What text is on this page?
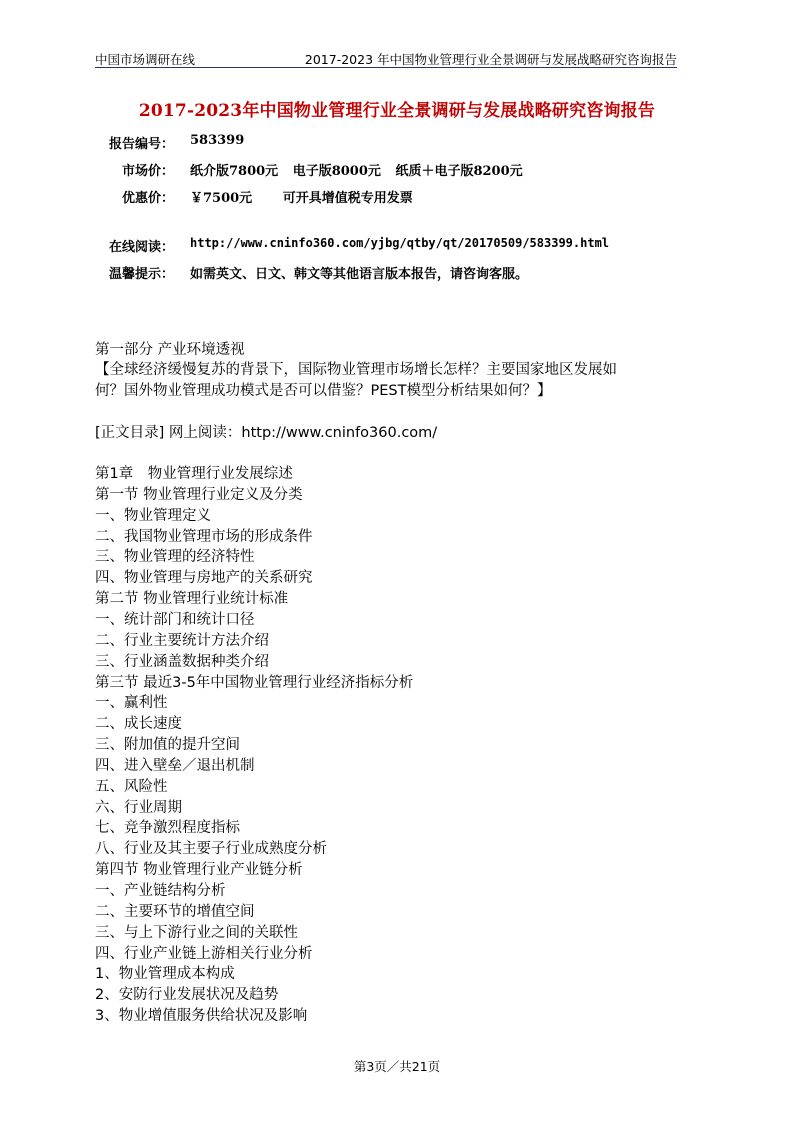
中国市场调研在线	2017-2023 年中国物业管理行业全景调研与发展战略研究咨询报告
2017-2023年中国物业管理行业全景调研与发展战略研究咨询报告
报告编号： 583399
市场价： 纸介版7800元 电子版8000元 纸质＋电子版8200元
优惠价： ￥7500元 可开具增值税专用发票
在线阅读： http://www.cninfo360.com/yjbg/qtby/qt/20170509/583399.html
温馨提示： 如需英文、日文、韩文等其他语言版本报告，请咨询客服。
第一部分 产业环境透视
【全球经济缓慢复苏的背景下，国际物业管理市场增长怎样？主要国家地区发展如
何？国外物业管理成功模式是否可以借鉴？PEST模型分析结果如何？】
[正文目录] 网上阅读：http://www.cninfo360.com/
第1章　物业管理行业发展综述
第一节 物业管理行业定义及分类
一、物业管理定义
二、我国物业管理市场的形成条件
三、物业管理的经济特性
四、物业管理与房地产的关系研究
第二节 物业管理行业统计标准
一、统计部门和统计口径
二、行业主要统计方法介绍
三、行业涵盖数据种类介绍
第三节 最近3-5年中国物业管理行业经济指标分析
一、赢利性
二、成长速度
三、附加值的提升空间
四、进入壁垒／退出机制
五、风险性
六、行业周期
七、竞争激烈程度指标
八、行业及其主要子行业成熟度分析
第四节 物业管理行业产业链分析
一、产业链结构分析
二、主要环节的增值空间
三、与上下游行业之间的关联性
四、行业产业链上游相关行业分析
1、物业管理成本构成
2、安防行业发展状况及趋势
3、物业增值服务供给状况及影响
第3页／共21页
